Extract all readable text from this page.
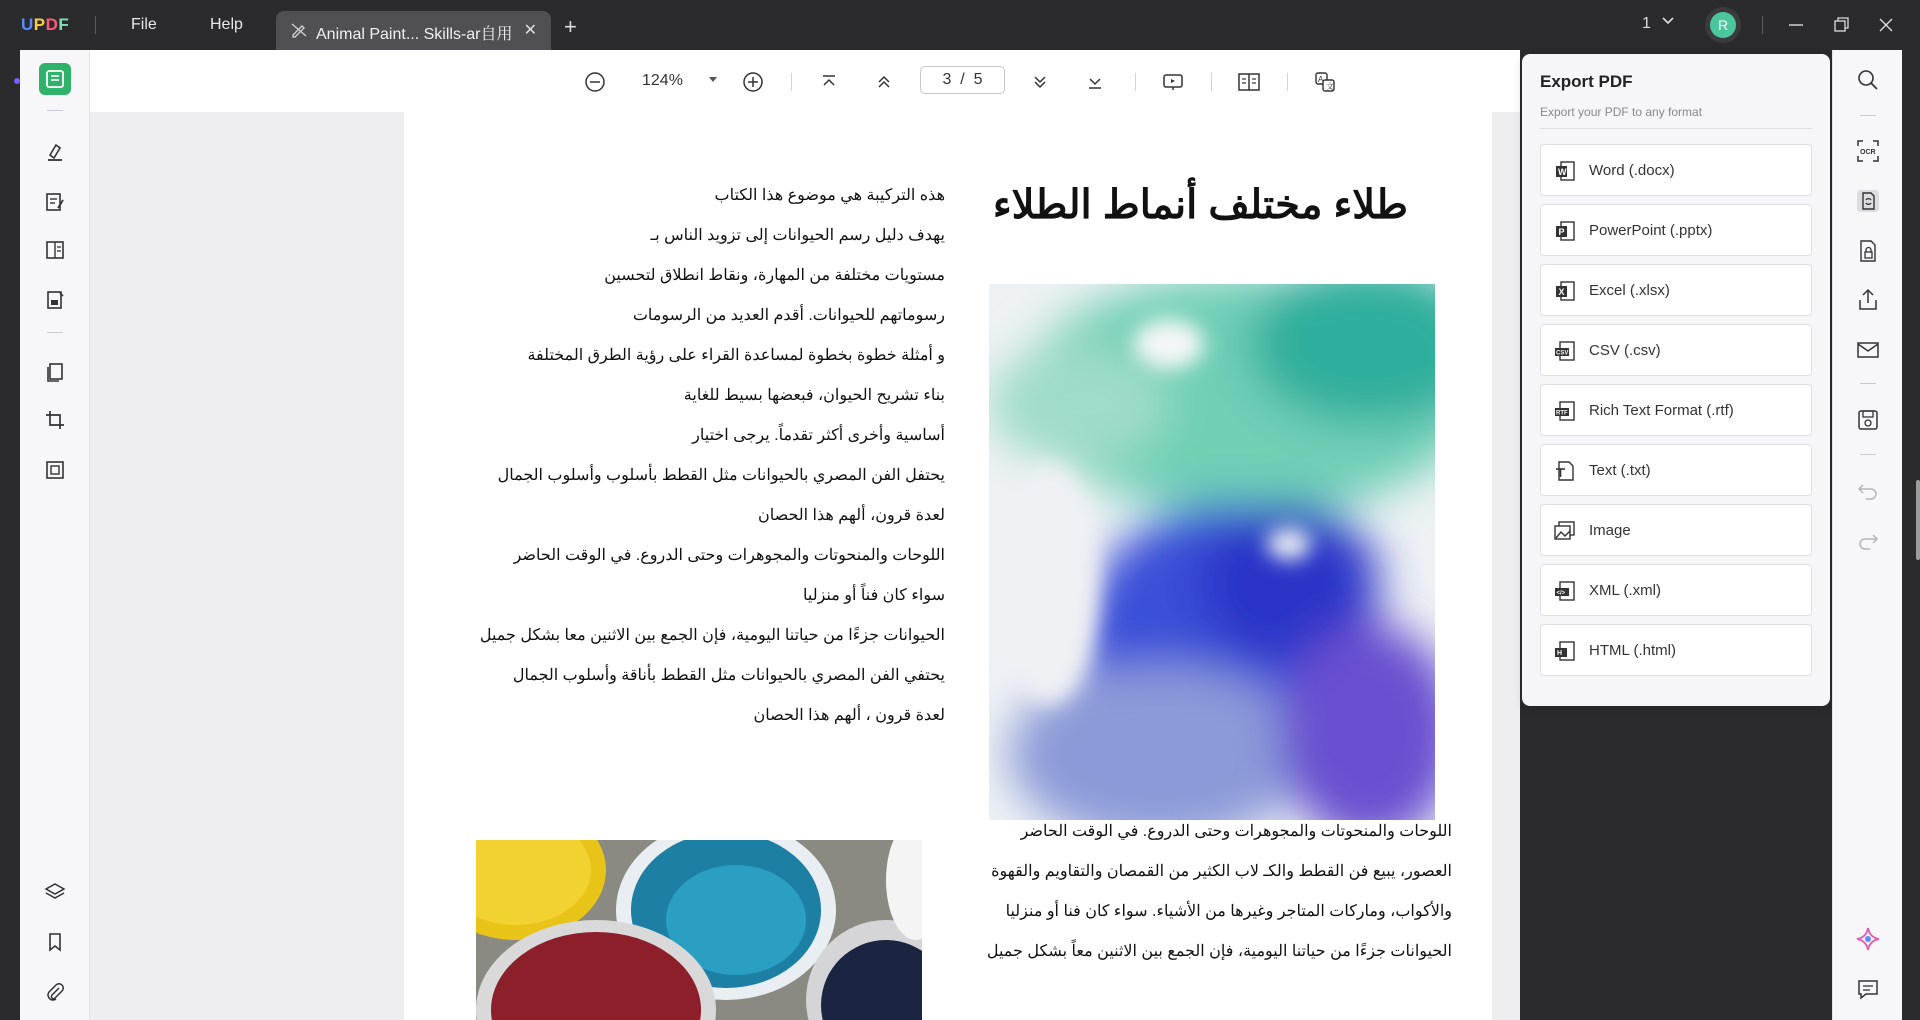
UPDF	File	Help
Animal Paint... Skills-ar自用 ✕ +	1	R
124%	3 / 5	A
文
طلاء مختلف أنماط الطلاء
هذه التركيبة هي موضوع هذا الكتاب
يهدف دليل رسم الحيوانات إلى تزويد الناس بـ
مستويات مختلفة من المهارة، ونقاط انطلاق لتحسين
رسوماتهم للحيوانات. أقدم العديد من الرسومات
و أمثلة خطوة بخطوة لمساعدة القراء على رؤية الطرق المختلفة
بناء تشريح الحيوان، فبعضها بسيط للغاية
أساسية وأخرى أكثر تقدماً. يرجى اختيار
يحتفل الفن المصري بالحيوانات مثل القطط بأسلوب وأسلوب الجمال
لعدة قرون، ألهم هذا الحصان
اللوحات والمنحوتات والمجوهرات وحتى الدروع. في الوقت الحاضر
سواء كان فناً أو منزليا
الحيوانات جزءًا من حياتنا اليومية، فإن الجمع بين الاثنين معا بشكل جميل
يحتفي الفن المصري بالحيوانات مثل القطط بأناقة وأسلوب الجمال
لعدة قرون ، ألهم هذا الحصان
اللوحات والمنحوتات والمجوهرات وحتى الدروع. في الوقت الحاضر
العصور، يبيع فن القطط والكـ لاب الكثير من القمصان والتقاويم والقهوة
والأكواب، وماركات المتاجر وغيرها من الأشياء. سواء كان فنا أو منزليا
الحيوانات جزءًا من حياتنا اليومية، فإن الجمع بين الاثنين معاً بشكل جميل
Export PDF
Export your PDF to any format
W Word (.docx)
P PowerPoint (.pptx)
X Excel (.xlsx)
CSV CSV (.csv)
RTF Rich Text Format (.rtf)
Text (.txt)
Image
</> XML (.xml)
H HTML (.html)
OCR
